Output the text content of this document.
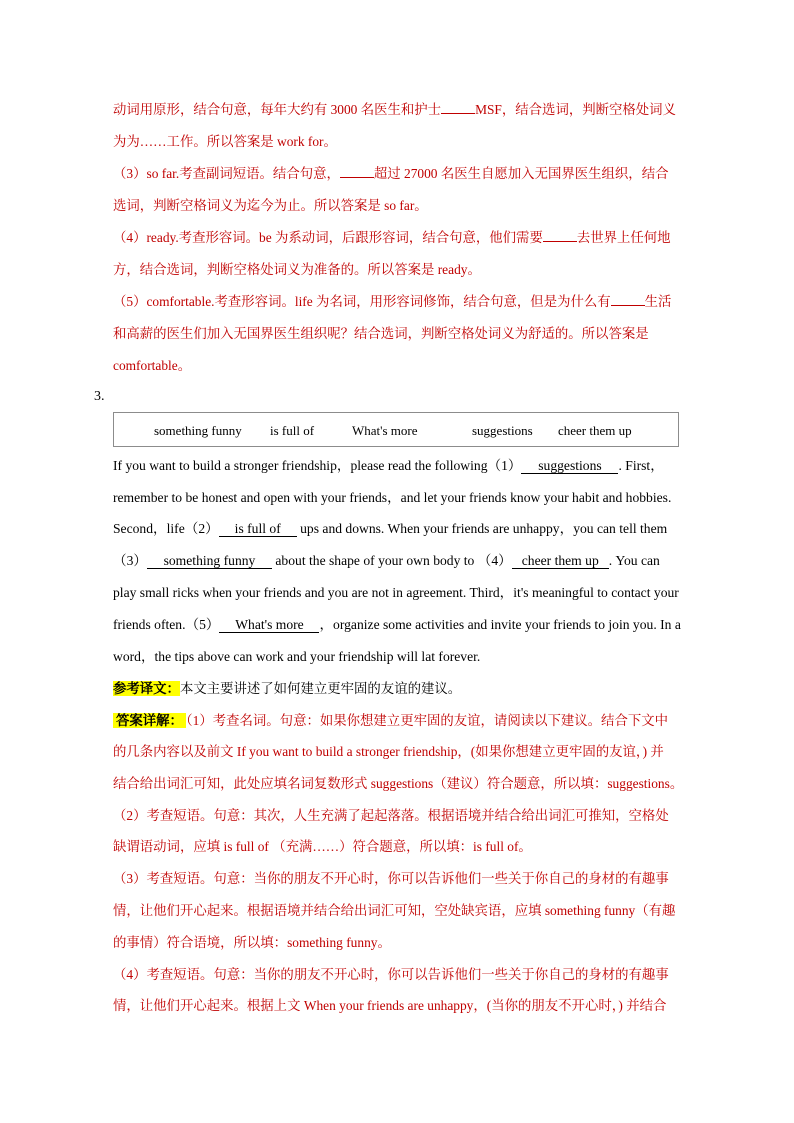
动词用原形，结合句意，每年大约有 3000 名医生和护士	MSF，结合选词，判断空格处词义
为为……工作。所以答案是 work for。
（3）so far.考查副词短语。结合句意，	超过 27000 名医生自愿加入无国界医生组织，结合
选词，判断空格词义为迄今为止。所以答案是 so far。
（4）ready.考查形容词。be 为系动词，后跟形容词，结合句意，他们需要	去世界上任何地
方，结合选词，判断空格处词义为准备的。所以答案是 ready。
（5）comfortable.考查形容词。life 为名词，用形容词修饰，结合句意，但是为什么有	生活
和高薪的医生们加入无国界医生组织呢？结合选词，判断空格处词义为舒适的。所以答案是
comfortable。
3.
something funny is full of	What's more	suggestions cheer them up
If you want to build a stronger friendship，please read the following（1） suggestions . First，
remember to be honest and open with your friends，and let your friends know your habit and hobbies.
Second，life（2） is full of ups and downs. When your friends are unhappy，you can tell them
（3） something funny about the shape of your own body to （4） cheer them up . You can
play small ricks when your friends and you are not in agreement. Third，it's meaningful to contact your
friends often.（5） What's more ，organize some activities and invite your friends to join you. In a
word，the tips above can work and your friendship will lat forever.
参考译文：本文主要讲述了如何建立更牢固的友谊的建议。
答案详解： （1）考查名词。句意：如果你想建立更牢固的友谊，请阅读以下建议。结合下文中
的几条内容以及前文 If you want to build a stronger friendship，(如果你想建立更牢固的友谊，) 并
结合给出词汇可知，此处应填名词复数形式 suggestions（建议）符合题意，所以填：suggestions。
（2）考查短语。句意：其次，人生充满了起起落落。根据语境并结合给出词汇可推知，空格处
缺谓语动词，应填 is full of （充满……）符合题意，所以填：is full of。
（3）考查短语。句意：当你的朋友不开心时，你可以告诉他们一些关于你自己的身材的有趣事
情，让他们开心起来。根据语境并结合给出词汇可知，空处缺宾语，应填 something funny（有趣
的事情）符合语境，所以填：something funny。
（4）考查短语。句意：当你的朋友不开心时，你可以告诉他们一些关于你自己的身材的有趣事
情，让他们开心起来。根据上文 When your friends are unhappy，(当你的朋友不开心时，) 并结合
